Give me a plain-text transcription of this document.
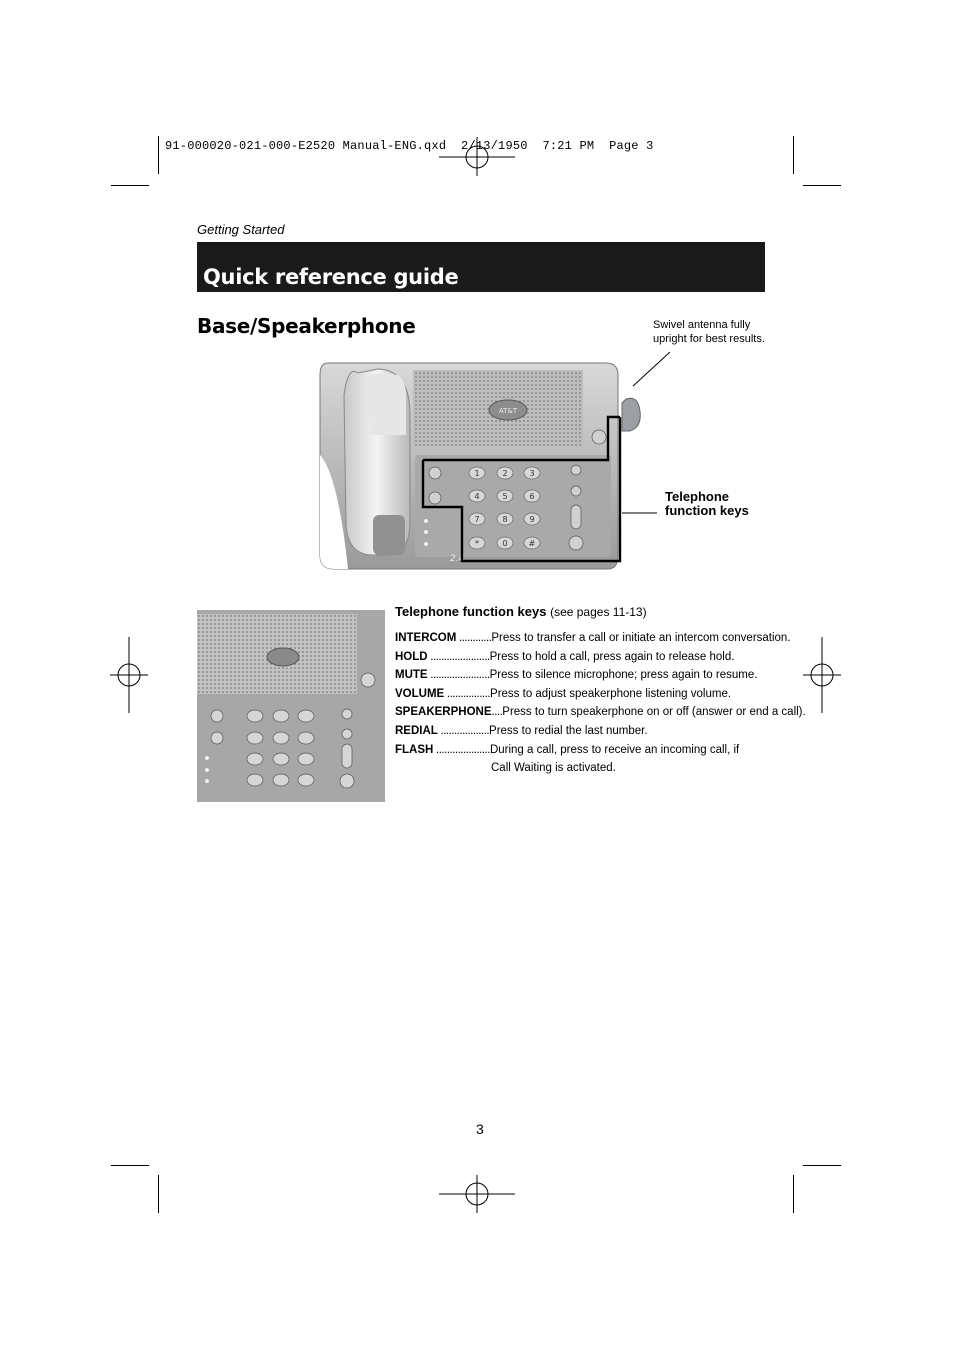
91-000020-021-000-E2520 Manual-ENG.qxd  2/13/1950  7:21 PM  Page 3
Getting Started
Quick reference guide
Base/Speakerphone	Swivel antenna fully upright for best results.
AT&T
1	2	3
4	5	6
7	8	9
*	0	#
2.4
Telephone function keys
Telephone function keys (see pages 11-13)
INTERCOM ............Press to transfer a call or initiate an intercom conversation.
HOLD ......................Press to hold a call, press again to release hold.
MUTE ......................Press to silence microphone; press again to resume.
VOLUME ................Press to adjust speakerphone listening volume.
SPEAKERPHONE....Press to turn speakerphone on or off (answer or end a call).
REDIAL ..................Press to redial the last number.
FLASH ....................During a call, press to receive an incoming call, if
Call Waiting is activated.
3
